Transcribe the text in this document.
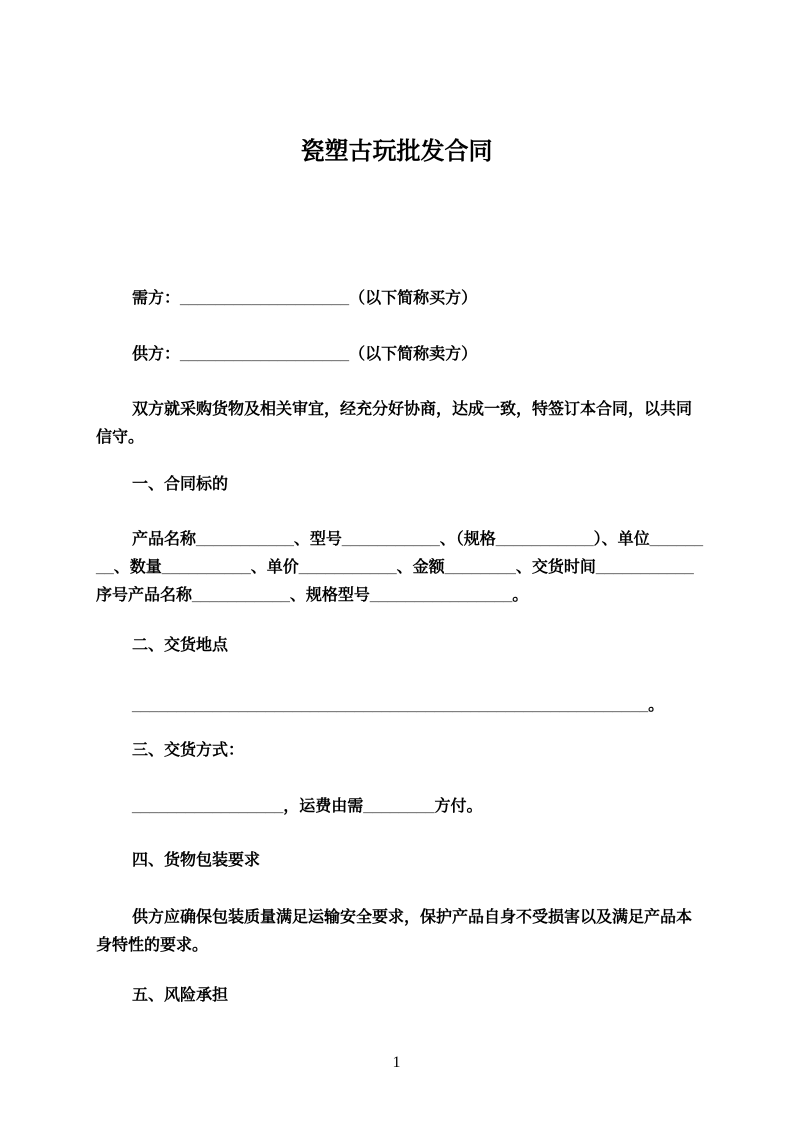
瓷塑古玩批发合同
需方：___________________（以下简称买方）
供方：___________________（以下简称卖方）
双方就采购货物及相关审宜，经充分好协商，达成一致，特签订本合同，以共同
信守。
一、合同标的
产品名称___________、型号___________、（规格___________）、单位______
__、数量__________、单价___________、金额________、交货时间___________
序号产品名称___________、规格型号________________。
二、交货地点
__________________________________________________________。
三、交货方式：
_________________，运费由需________方付。
四、货物包装要求
供方应确保包装质量满足运输安全要求，保护产品自身不受损害以及满足产品本
身特性的要求。
五、风险承担
1
